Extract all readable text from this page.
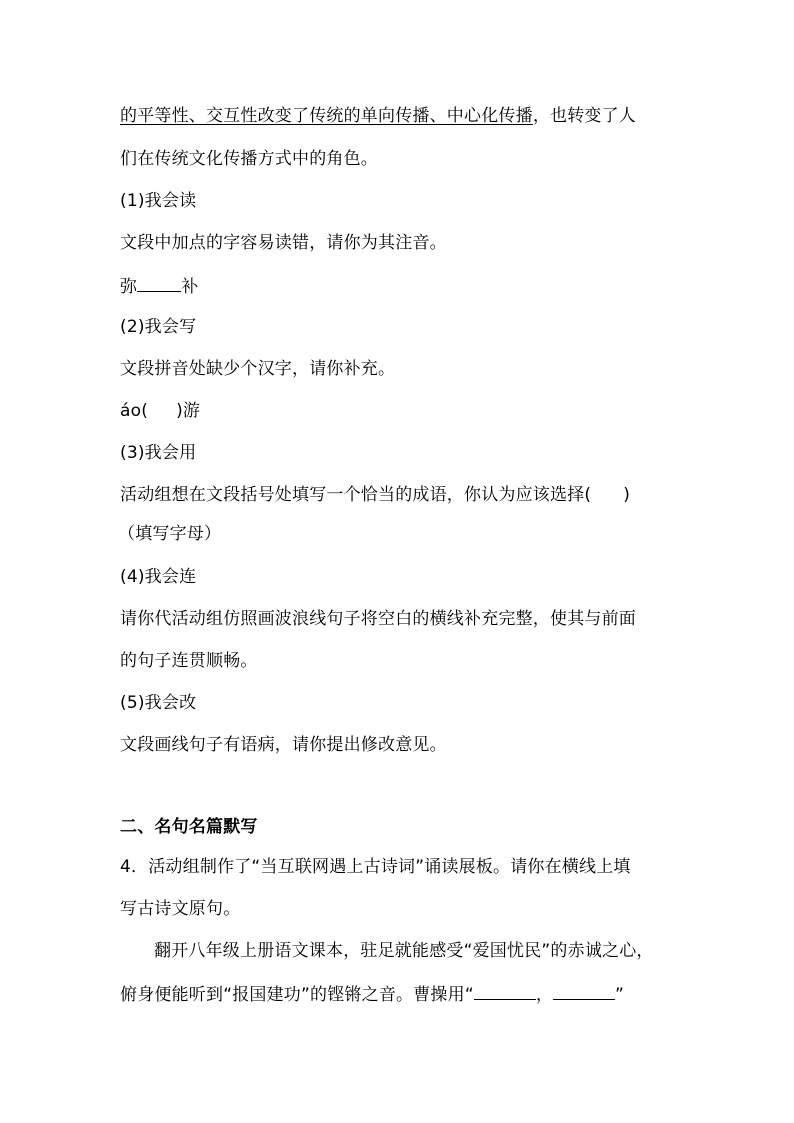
的平等性、交互性改变了传统的单向传播、中心化传播，也转变了人
们在传统文化传播方式中的角色。
(1)我会读
文段中加点的字容易读错，请你为其注音。
弥	补
(2)我会写
文段拼音处缺少个汉字，请你补充。
áo( )游
(3)我会用
活动组想在文段括号处填写一个恰当的成语，你认为应该选择( )
（填写字母）
(4)我会连
请你代活动组仿照画波浪线句子将空白的横线补充完整，使其与前面
的句子连贯顺畅。
(5)我会改
文段画线句子有语病，请你提出修改意见。
二、名句名篇默写
4．活动组制作了“当互联网遇上古诗词”诵读展板。请你在横线上填
写古诗文原句。
翻开八年级上册语文课本，驻足就能感受“爱国忧民”的赤诚之心，
俯身便能听到“报国建功”的铿锵之音。曹操用“	，	”
